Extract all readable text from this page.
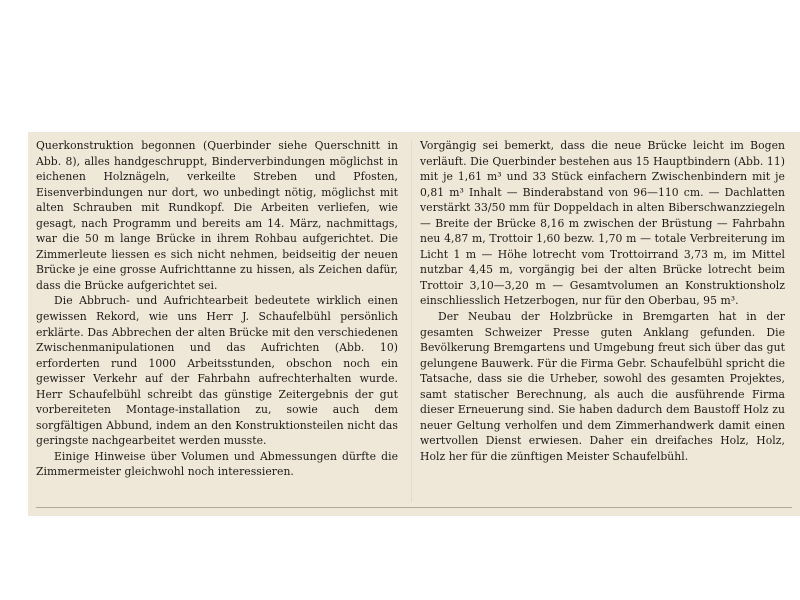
Querkonstruktion begonnen (Querbinder siehe Querschnitt in Abb. 8), alles handgeschruppt, Binderverbindungen möglichst in eichenen Holznägeln, verkeilte Streben und Pfosten, Eisenverbindungen nur dort, wo unbedingt nötig, möglichst mit alten Schrauben mit Rundkopf. Die Arbeiten verliefen, wie gesagt, nach Programm und bereits am 14. März, nachmittags, war die 50 m lange Brücke in ihrem Rohbau aufgerichtet. Die Zimmerleute liessen es sich nicht nehmen, beidseitig der neuen Brücke je eine grosse Aufrichttanne zu hissen, als Zeichen dafür, dass die Brücke aufgerichtet sei.

Die Abbruch- und Aufrichtearbeit bedeutete wirklich einen gewissen Rekord, wie uns Herr J. Schaufelbühl persönlich erklärte. Das Abbrechen der alten Brücke mit den verschiedenen Zwischenmanipulationen und das Aufrichten (Abb. 10) erforderten rund 1000 Arbeitsstunden, obschon noch ein gewisser Verkehr auf der Fahrbahn aufrechterhalten wurde. Herr Schaufelbühl schreibt das günstige Zeitergebnis der gut vorbereiteten Montage-installation zu, sowie auch dem sorgfältigen Abbund, indem an den Konstruktionsteilen nicht das geringste nachgearbeitet werden musste.

Einige Hinweise über Volumen und Abmessungen dürfte die Zimmermeister gleichwohl noch interessieren.

Vorgängig sei bemerkt, dass die neue Brücke leicht im Bogen verläuft. Die Querbinder bestehen aus 15 Hauptbindern (Abb. 11) mit je 1,61 m³ und 33 Stück einfachern Zwischenbindern mit je 0,81 m³ Inhalt — Binderabstand von 96—110 cm. — Dachlatten verstärkt 33/50 mm für Doppeldach in alten Biberschwanzziegeln — Breite der Brücke 8,16 m zwischen der Brüstung — Fahrbahn neu 4,87 m, Trottoir 1,60 bezw. 1,70 m — totale Verbreiterung im Licht 1 m — Höhe lotrecht vom Trottoirrand 3,73 m, im Mittel nutzbar 4,45 m, vorgängig bei der alten Brücke lotrecht beim Trottoir 3,10—3,20 m — Gesamtvolumen an Konstruktionsholz einschliesslich Hetzerbogen, nur für den Oberbau, 95 m³.

Der Neubau der Holzbrücke in Bremgarten hat in der gesamten Schweizer Presse guten Anklang gefunden. Die Bevölkerung Bremgartens und Umgebung freut sich über das gut gelungene Bauwerk. Für die Firma Gebr. Schaufelbühl spricht die Tatsache, dass sie die Urheber, sowohl des gesamten Projektes, samt statischer Berechnung, als auch die ausführende Firma dieser Erneuerung sind. Sie haben dadurch dem Baustoff Holz zu neuer Geltung verholfen und dem Zimmerhandwerk damit einen wertvollen Dienst erwiesen. Daher ein dreifaches Holz, Holz, Holz her für die zünftigen Meister Schaufelbühl.
